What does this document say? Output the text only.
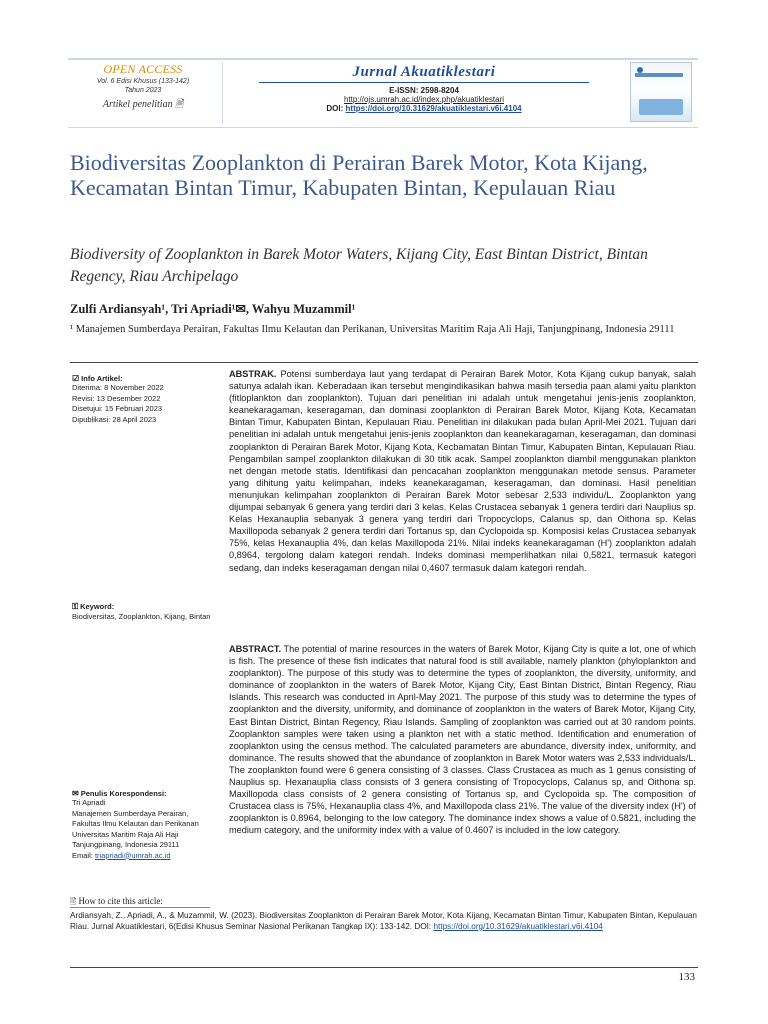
OPEN ACCESS
Vol. 6 Edisi Khusus (133-142)
Tahun 2023
Artikel penelitian 🖹
Jurnal Akuatiklestari
E-ISSN: 2598-8204
http://ojs.umrah.ac.id/index.php/akuatiklestari
DOI: https://doi.org/10.31629/akuatiklestari.v6i.4104
Biodiversitas Zooplankton di Perairan Barek Motor, Kota Kijang, Kecamatan Bintan Timur, Kabupaten Bintan, Kepulauan Riau
Biodiversity of Zooplankton in Barek Motor Waters, Kijang City, East Bintan District, Bintan Regency, Riau Archipelago
Zulfi Ardiansyah¹, Tri Apriadi¹✉, Wahyu Muzammil¹
¹ Manajemen Sumberdaya Perairan, Fakultas Ilmu Kelautan dan Perikanan, Universitas Maritim Raja Ali Haji, Tanjungpinang, Indonesia 29111
☑ Info Artikel:
Diterima: 8 November 2022
Revisi: 13 Desember 2022
Disetujui: 15 Februari 2023
Dipublikasi: 28 April 2023
⚿ Keyword:
Biodiversitas, Zooplankton, Kijang, Bintan
✉ Penulis Korespondensi:
Tri Apriadi
Manajemen Sumberdaya Perairan,
Fakultas Ilmu Kelautan dan Perikanan
Universitas Maritim Raja Ali Haji
Tanjungpinang, Indonesia 29111
Email: triapriadi@umrah.ac.id
ABSTRAK. Potensi sumberdaya laut yang terdapat di Perairan Barek Motor, Kota Kijang cukup banyak, salah satunya adalah ikan. Keberadaan ikan tersebut mengindikasikan bahwa masih tersedia paan alami yaitu plankton (fitloplankton dan zooplankton). Tujuan dari penelitian ini adalah untuk mengetahui jenis-jenis zooplankton, keanekaragaman, keseragaman, dan dominasi zooplankton di Perairan Barek Motor, Kijang Kota, Kecamatan Bintan Timur, Kabupaten Bintan, Kepulauan Riau. Penelitian ini dilakukan pada bulan April-Mei 2021. Tujuan dari penelitian ini adalah untuk mengetahui jenis-jenis zooplankton dan keanekaragaman, keseragaman, dan dominasi zooplankton di Perairan Barek Motor, Kijang Kota, Kecbamatan Bintan Timur, Kabupaten Bintan, Kepulauan Riau. Pengambilan sampel zooplankton dilakukan di 30 titik acak. Sampel zooplankton diambil menggunakan plankton net dengan metode statis. Identifikasi dan pencacahan zooplankton menggunakan metode sensus. Parameter yang dihitung yaitu kelimpahan, indeks keanekaragaman, keseragaman, dan dominasi. Hasil penelitian menunjukan kelimpahan zooplankton di Perairan Barek Motor sebesar 2,533 individu/L. Zooplankton yang dijumpai sebanyak 6 genera yang terdiri dari 3 kelas. Kelas Crustacea sebanyak 1 genera terdiri dari Nauplius sp. Kelas Hexanauplia sebanyak 3 genera yang terdiri dari Tropocyclops, Calanus sp, dan Oithona sp. Kelas Maxillopoda sebanyak 2 genera terdiri dari Tortanus sp, dan Cyclopoida sp. Komposisi kelas Crustacea sebanyak 75%, kelas Hexanauplia 4%, dan kelas Maxillopoda 21%. Nilai indeks keanekaragaman (H') zooplankton adalah 0,8964, tergolong dalam kategori rendah. Indeks dominasi memperlihatkan nilai 0,5821, termasuk kategori sedang, dan indeks keseragaman dengan nilai 0,4607 termasuk dalam kategori rendah.
ABSTRACT. The potential of marine resources in the waters of Barek Motor, Kijang City is quite a lot, one of which is fish. The presence of these fish indicates that natural food is still available, namely plankton (phyloplankton and zooplankton). The purpose of this study was to determine the types of zooplankton, the diversity, uniformity, and dominance of zooplankton in the waters of Barek Motor, Kijang City, East Bintan District, Bintan Regency, Riau Islands. This research was conducted in April-May 2021. The purpose of this study was to determine the types of zooplankton and the diversity, uniformity, and dominance of zooplankton in the waters of Barek Motor, Kijang City, East Bintan District, Bintan Regency, Riau Islands. Sampling of zooplankton was carried out at 30 random points. Zooplankton samples were taken using a plankton net with a static method. Identification and enumeration of zooplankton using the census method. The calculated parameters are abundance, diversity index, uniformity, and dominance. The results showed that the abundance of zooplankton in Barek Motor waters was 2,533 individuals/L. The zooplankton found were 6 genera consisting of 3 classes. Class Crustacea as much as 1 genus consisting of Nauplius sp. Hexanauplia class consists of 3 genera consisting of Tropocyclops, Calanus sp, and Oithona sp. Maxillopoda class consists of 2 genera consisting of Tortanus sp, and Cyclopoida sp. The composition of Crustacea class is 75%, Hexanauplia class 4%, and Maxillopoda class 21%. The value of the diversity index (H') of zooplankton is 0.8964, belonging to the low category. The dominance index shows a value of 0.5821, including the medium category, and the uniformity index with a value of 0.4607 is included in the low category.
🖹 How to cite this article:
Ardiansyah, Z., Apriadi, A., & Muzammil, W. (2023). Biodiversitas Zooplankton di Perairan Barek Motor, Kota Kijang, Kecamatan Bintan Timur, Kabupaten Bintan, Kepulauan Riau. Jurnal Akuatiklestari, 6(Edisi Khusus Seminar Nasional Perikanan Tangkap IX): 133-142. DOI: https://doi.org/10.31629/akuatiklestari.v6i.4104
133
